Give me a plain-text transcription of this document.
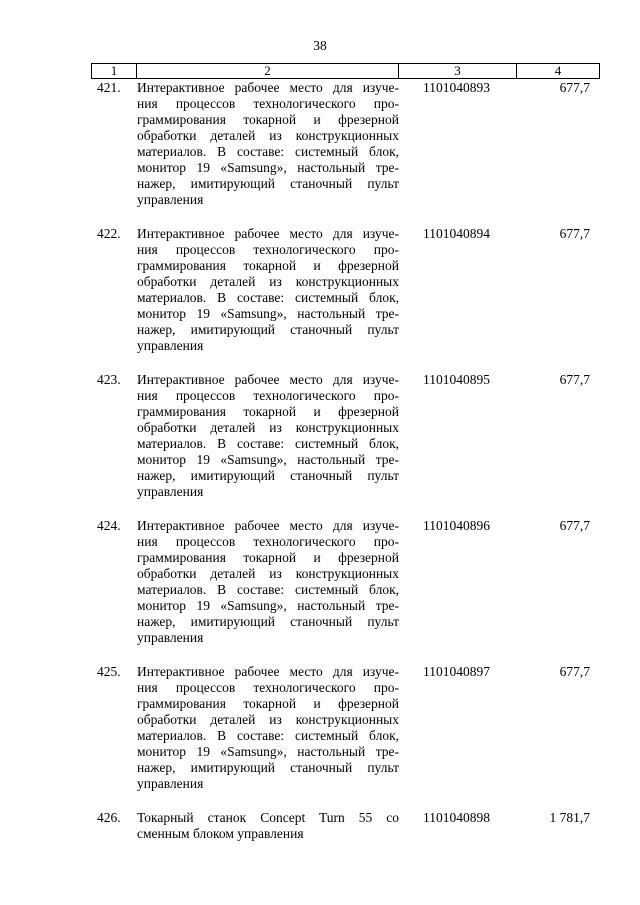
38
1	2	3	4
421.	Интерактивное рабочее место для изуче-
ния процессов технологического про-
граммирования токарной и фрезерной
обработки деталей из конструкционных
материалов. В составе: системный блок,
монитор 19 «Samsung», настольный тре-
нажер, имитирующий станочный пульт
управления
1101040893	677,7
422.	Интерактивное рабочее место для изуче-
ния процессов технологического про-
граммирования токарной и фрезерной
обработки деталей из конструкционных
материалов. В составе: системный блок,
монитор 19 «Samsung», настольный тре-
нажер, имитирующий станочный пульт
управления
1101040894	677,7
423.	Интерактивное рабочее место для изуче-
ния процессов технологического про-
граммирования токарной и фрезерной
обработки деталей из конструкционных
материалов. В составе: системный блок,
монитор 19 «Samsung», настольный тре-
нажер, имитирующий станочный пульт
управления
1101040895	677,7
424.	Интерактивное рабочее место для изуче-
ния процессов технологического про-
граммирования токарной и фрезерной
обработки деталей из конструкционных
материалов. В составе: системный блок,
монитор 19 «Samsung», настольный тре-
нажер, имитирующий станочный пульт
управления
1101040896	677,7
425.	Интерактивное рабочее место для изуче-
ния процессов технологического про-
граммирования токарной и фрезерной
обработки деталей из конструкционных
материалов. В составе: системный блок,
монитор 19 «Samsung», настольный тре-
нажер, имитирующий станочный пульт
управления
1101040897	677,7
426.	Токарный станок Concept Turn 55 со
сменным блоком управления
1101040898	1 781,7
